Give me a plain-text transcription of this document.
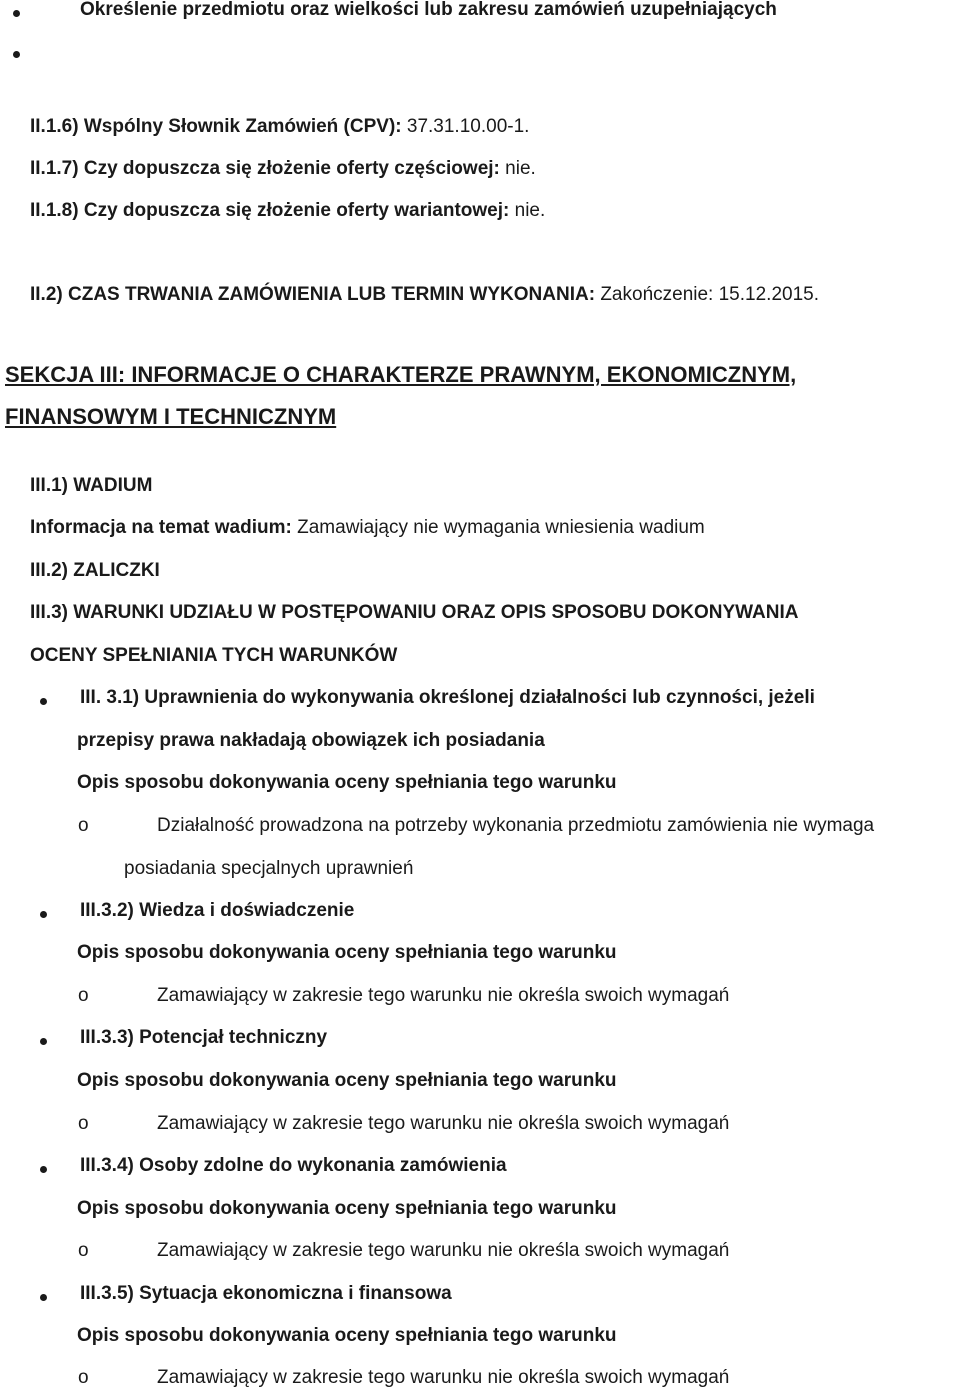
Określenie przedmiotu oraz wielkości lub zakresu zamówień uzupełniających
II.1.6) Wspólny Słownik Zamówień (CPV): 37.31.10.00-1.
II.1.7) Czy dopuszcza się złożenie oferty częściowej: nie.
II.1.8) Czy dopuszcza się złożenie oferty wariantowej: nie.
II.2) CZAS TRWANIA ZAMÓWIENIA LUB TERMIN WYKONANIA: Zakończenie: 15.12.2015.
SEKCJA III: INFORMACJE O CHARAKTERZE PRAWNYM, EKONOMICZNYM,
FINANSOWYM I TECHNICZNYM
III.1) WADIUM
Informacja na temat wadium: Zamawiający nie wymagania wniesienia wadium
III.2) ZALICZKI
III.3) WARUNKI UDZIAŁU W POSTĘPOWANIU ORAZ OPIS SPOSOBU DOKONYWANIA
OCENY SPEŁNIANIA TYCH WARUNKÓW
III. 3.1) Uprawnienia do wykonywania określonej działalności lub czynności, jeżeli
przepisy prawa nakładają obowiązek ich posiadania
Opis sposobu dokonywania oceny spełniania tego warunku
o	Działalność prowadzona na potrzeby wykonania przedmiotu zamówienia nie wymaga
posiadania specjalnych uprawnień
III.3.2) Wiedza i doświadczenie
Opis sposobu dokonywania oceny spełniania tego warunku
o	Zamawiający w zakresie tego warunku nie określa swoich wymagań
III.3.3) Potencjał techniczny
Opis sposobu dokonywania oceny spełniania tego warunku
o	Zamawiający w zakresie tego warunku nie określa swoich wymagań
III.3.4) Osoby zdolne do wykonania zamówienia
Opis sposobu dokonywania oceny spełniania tego warunku
o	Zamawiający w zakresie tego warunku nie określa swoich wymagań
III.3.5) Sytuacja ekonomiczna i finansowa
Opis sposobu dokonywania oceny spełniania tego warunku
o	Zamawiający w zakresie tego warunku nie określa swoich wymagań
